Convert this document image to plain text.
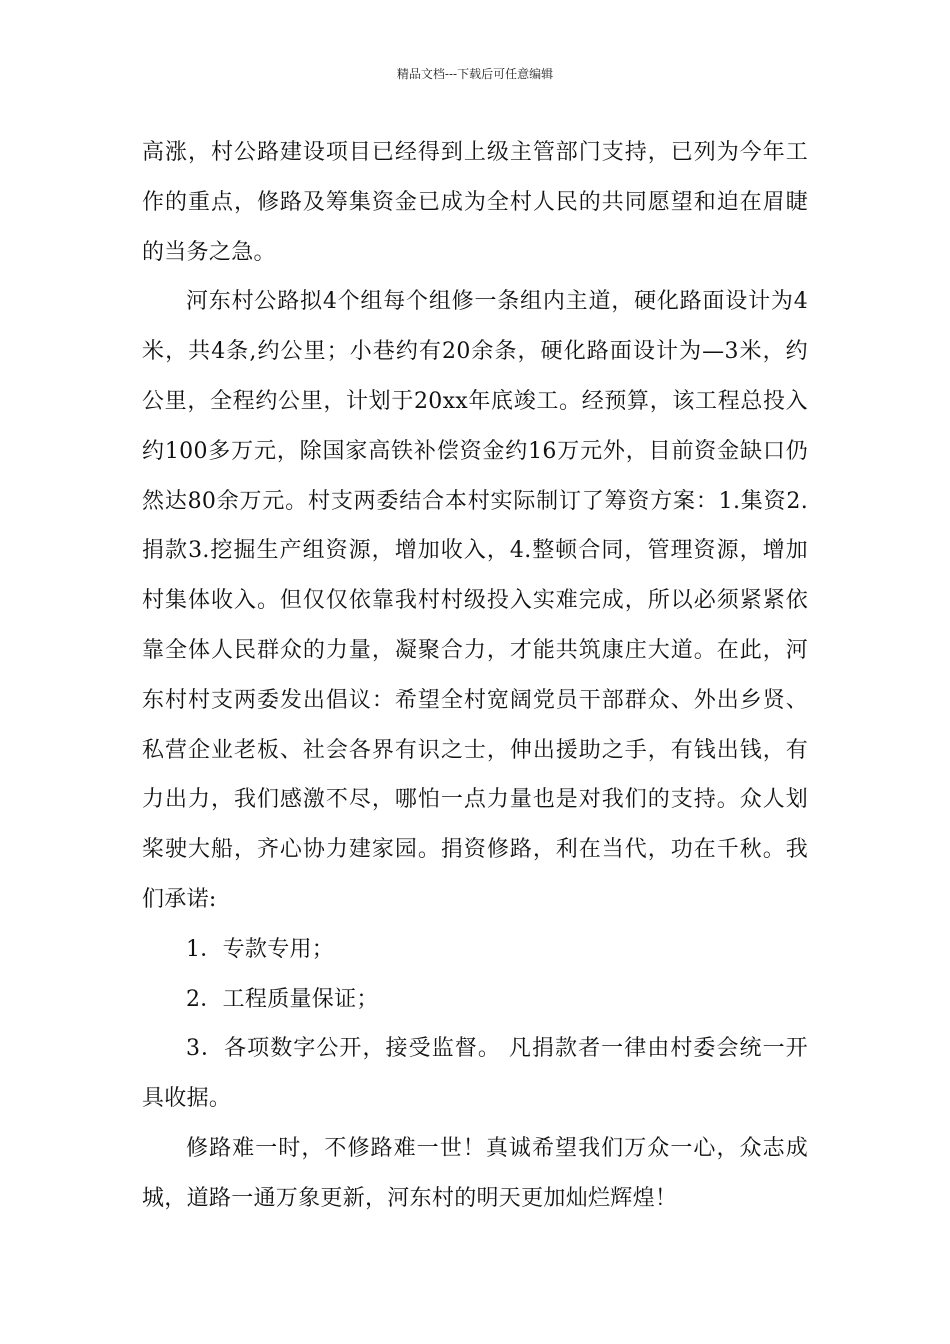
精品文档---下载后可任意编辑

高涨，村公路建设项目已经得到上级主管部门支持，已列为今年工作的重点，修路及筹集资金已成为全村人民的共同愿望和迫在眉睫的当务之急。

河东村公路拟4个组每个组修一条组内主道，硬化路面设计为4米，共4条,约公里；小巷约有20余条，硬化路面设计为—3米，约公里，全程约公里，计划于20xx年底竣工。经预算，该工程总投入约100多万元，除国家高铁补偿资金约16万元外，目前资金缺口仍然达80余万元。村支两委结合本村实际制订了筹资方案：1.集资2.捐款3.挖掘生产组资源，增加收入，4.整顿合同，管理资源，增加村集体收入。但仅仅依靠我村村级投入实难完成，所以必须紧紧依靠全体人民群众的力量，凝聚合力，才能共筑康庄大道。在此，河东村村支两委发出倡议：希望全村宽阔党员干部群众、外出乡贤、私营企业老板、社会各界有识之士，伸出援助之手，有钱出钱，有力出力，我们感激不尽，哪怕一点力量也是对我们的支持。众人划桨驶大船，齐心协力建家园。捐资修路，利在当代，功在千秋。我们承诺:

1．专款专用；

2．工程质量保证；

3．各项数字公开，接受监督。 凡捐款者一律由村委会统一开具收据。

修路难一时，不修路难一世！真诚希望我们万众一心，众志成城，道路一通万象更新，河东村的明天更加灿烂辉煌！
